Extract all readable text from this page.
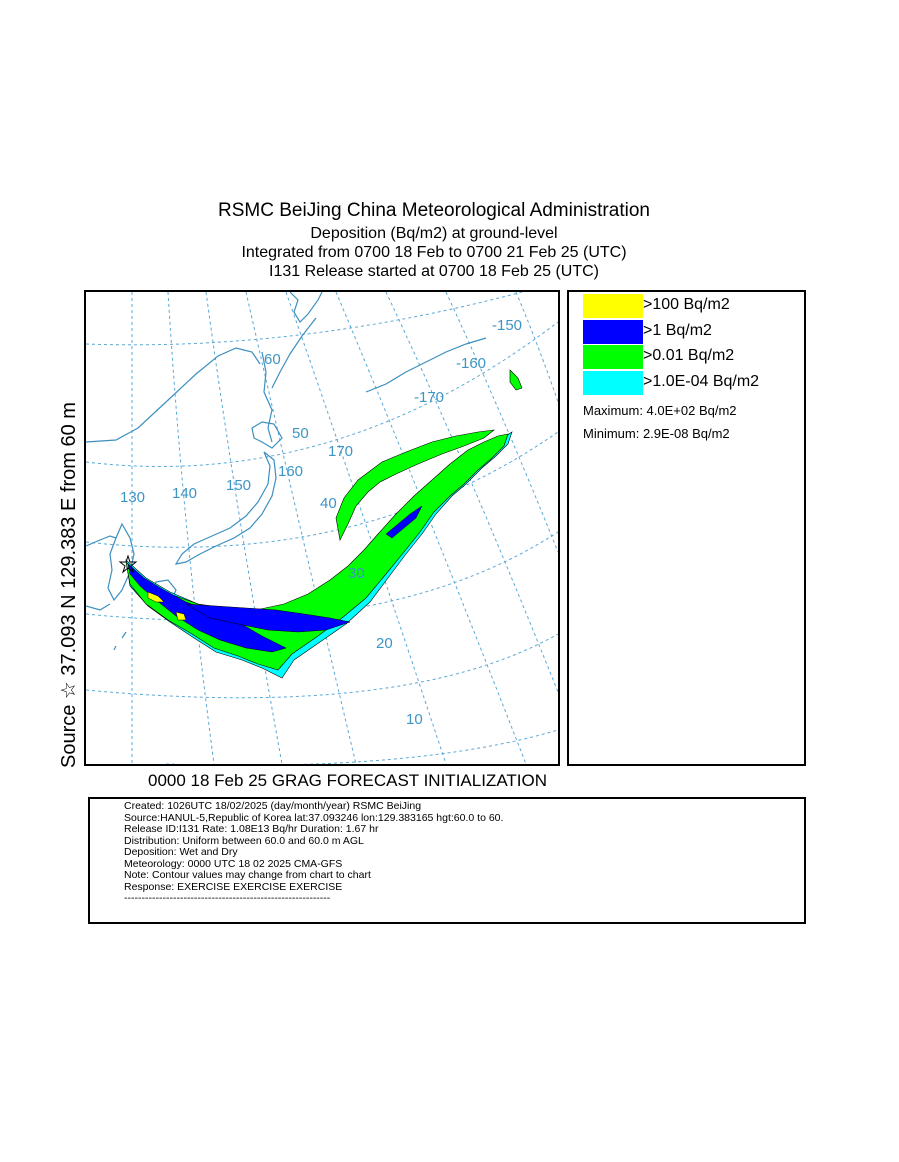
RSMC BeiJing China Meteorological Administration
Deposition (Bq/m2) at ground-level
Integrated from 0700 18 Feb to 0700 21 Feb 25 (UTC)
I131 Release started at 0700 18 Feb 25 (UTC)
Source ☆ 37.093 N 129.383 E from 60 m	130 140 150
160
170
-170
-160
-150
60
50
40
30
20
10
>100 Bq/m2
>1 Bq/m2
>0.01 Bq/m2
>1.0E-04 Bq/m2
Maximum: 4.0E+02 Bq/m2
Minimum: 2.9E-08 Bq/m2
0000 18 Feb 25 GRAG FORECAST INITIALIZATION
Created: 1026UTC 18/02/2025 (day/month/year) RSMC BeiJing
Source:HANUL-5,Republic of Korea lat:37.093246 lon:129.383165 hgt:60.0 to 60.
Release ID:I131 Rate: 1.08E13 Bq/hr Duration: 1.67 hr
Distribution: Uniform between 60.0 and 60.0 m AGL
Deposition: Wet and Dry
Meteorology: 0000 UTC 18 02 2025 CMA-GFS
Note: Contour values may change from chart to chart
Response: EXERCISE EXERCISE EXERCISE
-----------------------------------------------------------
